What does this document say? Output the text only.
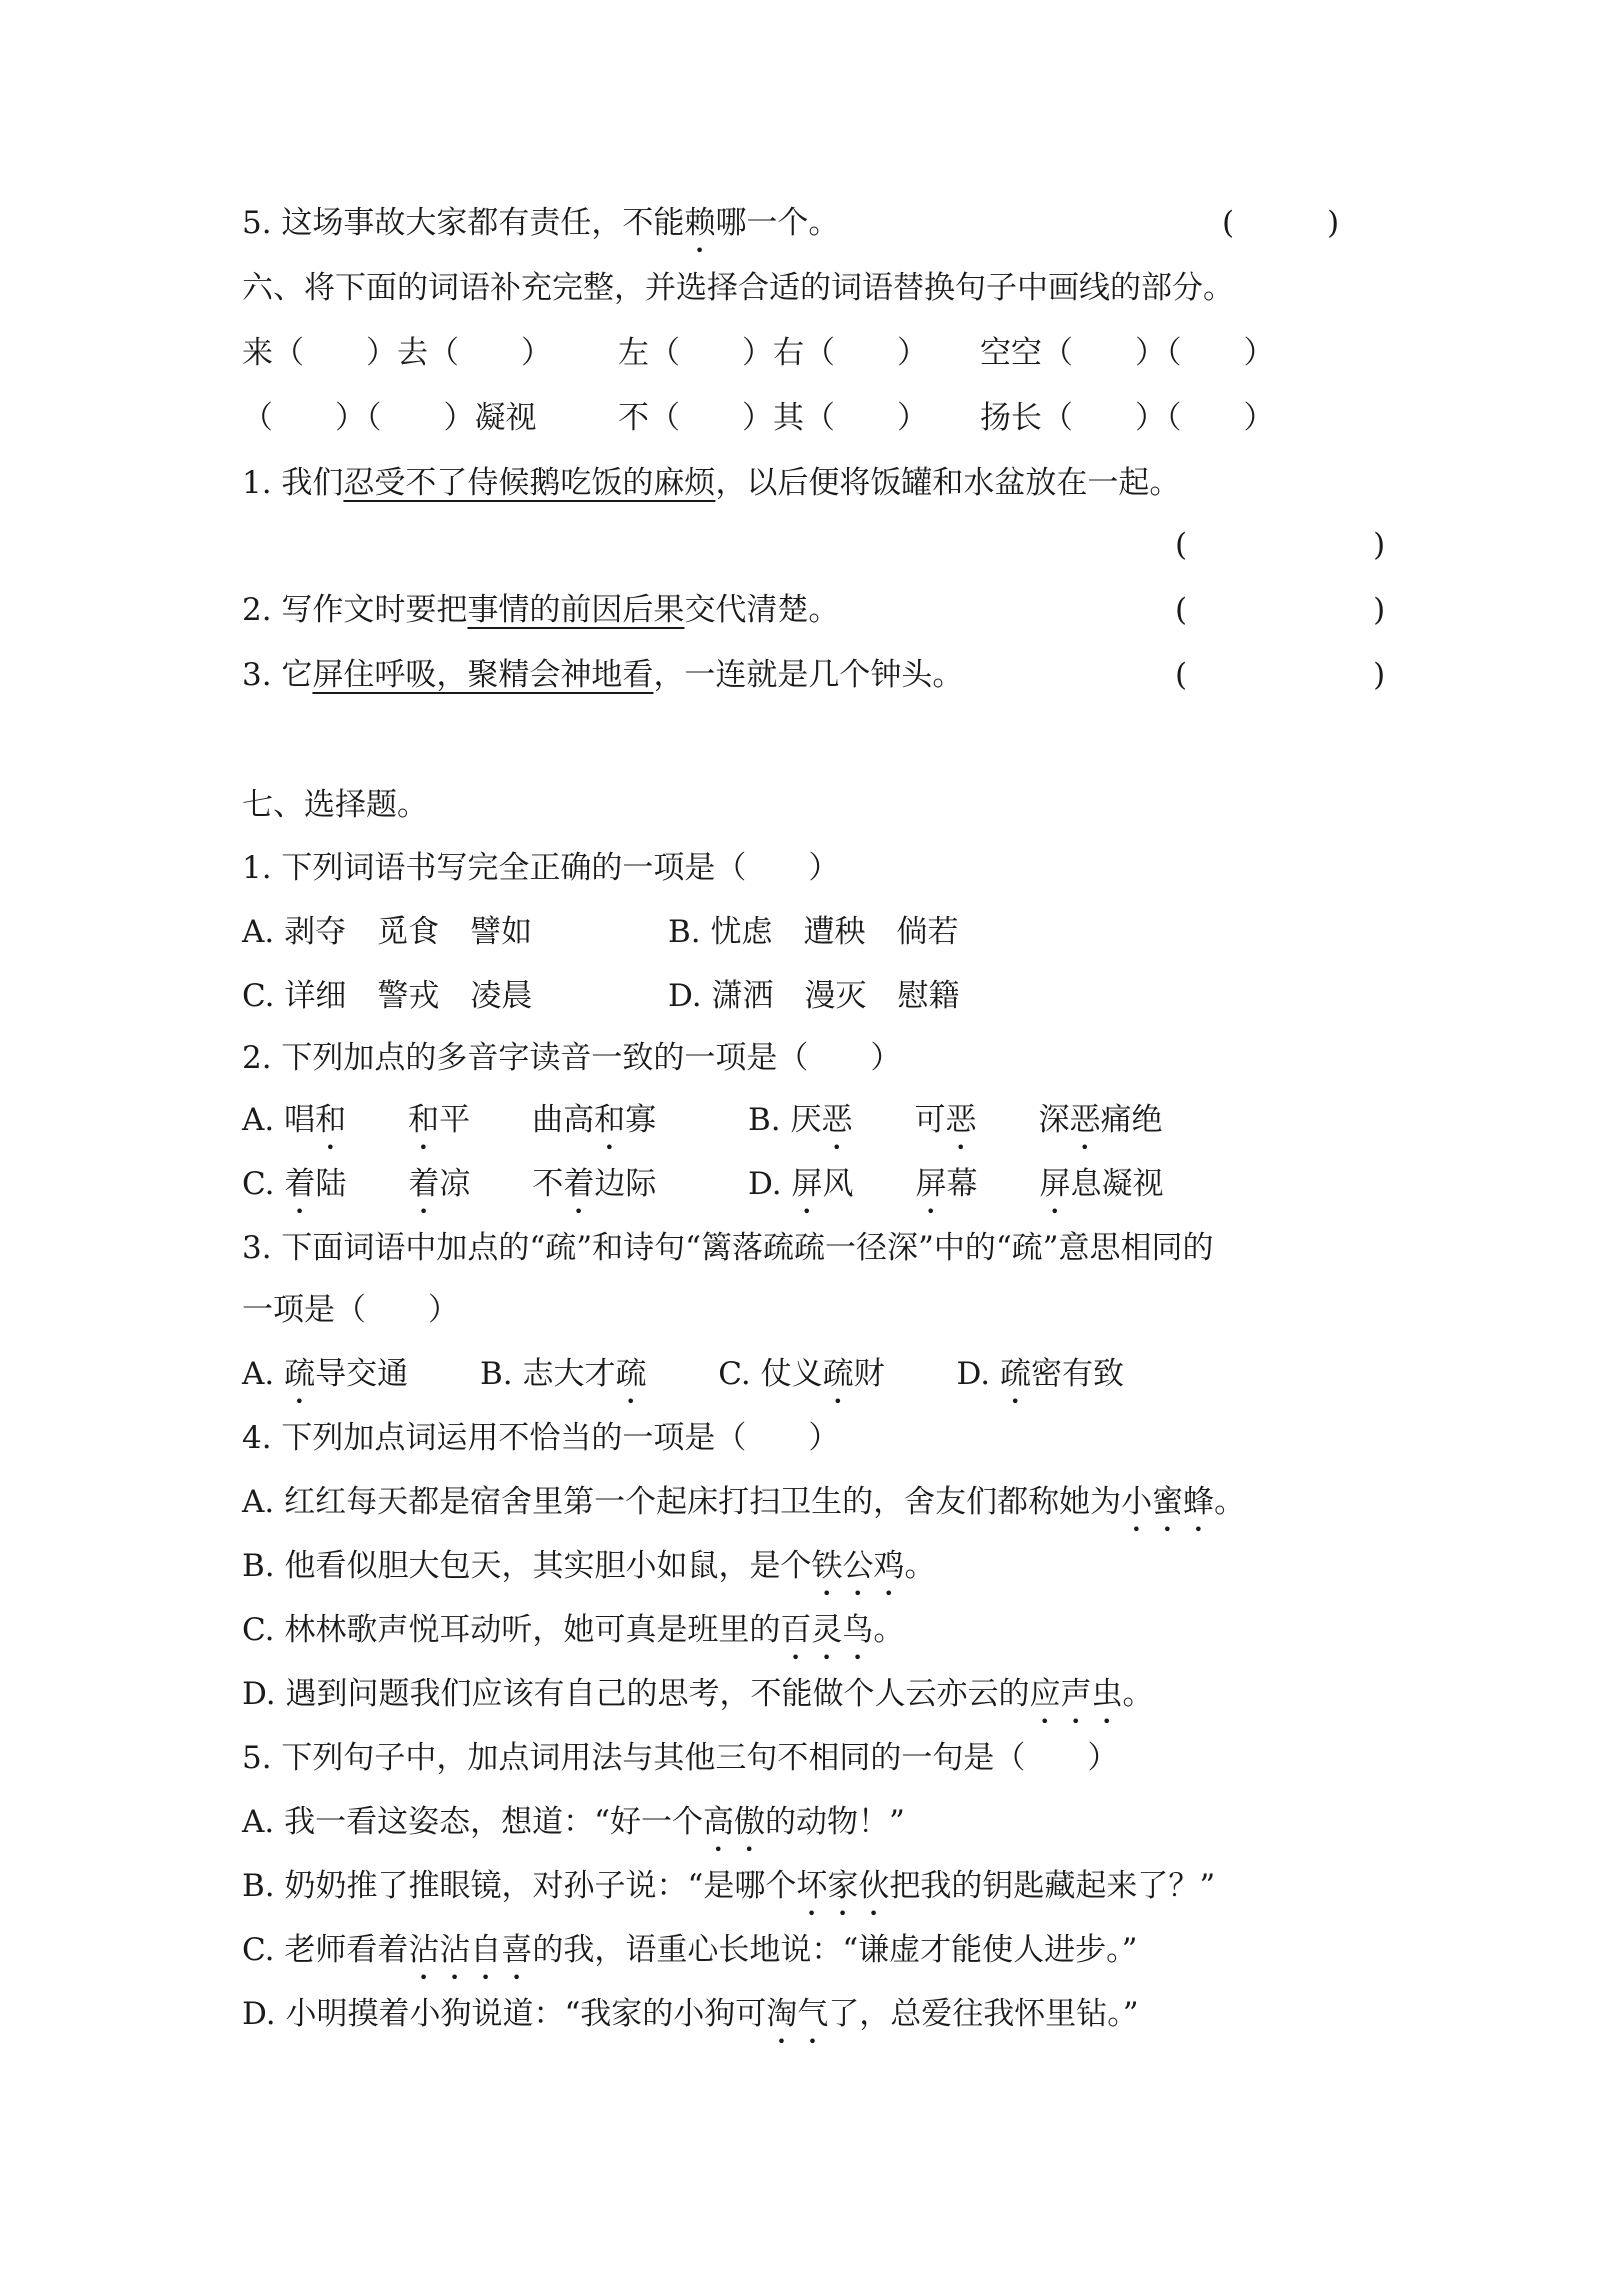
5. 这场事故大家都有责任，不能赖哪一个。	(　　　)
六、将下面的词语补充完整，并选择合适的词语替换句子中画线的部分。
来（　　）去（　　） 左（　　）右（　　） 空空（　　）（　　）
（　　）（　　）凝视	不（　　）其（　　） 扬长（　　）（　　）
1. 我们忍受不了侍候鹅吃饭的麻烦，以后便将饭罐和水盆放在一起。
(　　　　　　)
2. 写作文时要把事情的前因后果交代清楚。	(　　　　　　)
3. 它屏住呼吸，聚精会神地看，一连就是几个钟头。	(　　　　　　)
七、选择题。
1. 下列词语书写完全正确的一项是（　　）
A. 剥夺　觅食　譬如	B. 忧虑　遭秧　倘若
C. 详细　警戎　凌晨	D. 潇洒　漫灭　慰籍
2. 下列加点的多音字读音一致的一项是（　　）
A. 唱和　　 和平　　曲高和寡	B. 厌恶　　可恶　　深恶痛绝
C. 着陆　　着凉　　不着边际	D. 屏风　　屏幕　　屏息凝视
3. 下面词语中加点的“疏”和诗句“篱落疏疏一径深”中的“疏”意思相同的
一项是（　　）
A. 疏导交通　　 B. 志大才疏　　 C. 仗义疏财　　 D. 疏密有致
4. 下列加点词运用不恰当的一项是（　　）
A. 红红每天都是宿舍里第一个起床打扫卫生的，舍友们都称她为小蜜蜂。
B. 他看似胆大包天，其实胆小如鼠，是个铁公鸡。
C. 林林歌声悦耳动听，她可真是班里的百灵鸟。
D. 遇到问题我们应该有自己的思考，不能做个人云亦云的应声虫。
5. 下列句子中，加点词用法与其他三句不相同的一句是（　　）
A. 我一看这姿态，想道：“好一个高傲的动物！”
B. 奶奶推了推眼镜，对孙子说：“是哪个坏家伙把我的钥匙藏起来了？”
C. 老师看着沾沾自喜的我，语重心长地说：“谦虚才能使人进步。”
D. 小明摸着小狗说道：“我家的小狗可淘气了，总爱往我怀里钻。”
